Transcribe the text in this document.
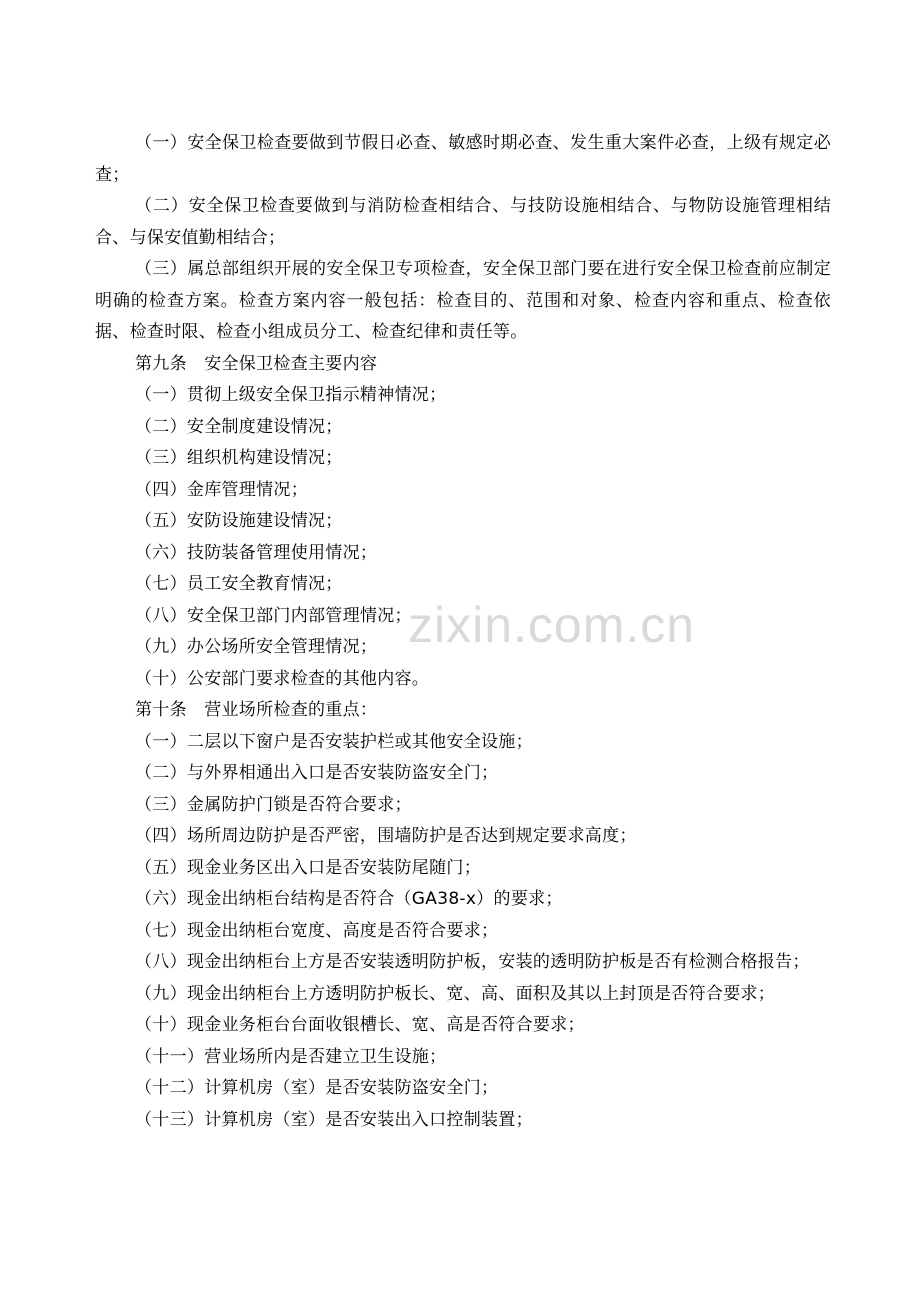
（一）安全保卫检查要做到节假日必查、敏感时期必查、发生重大案件必查，上级有规定必查；

（二）安全保卫检查要做到与消防检查相结合、与技防设施相结合、与物防设施管理相结合、与保安值勤相结合；

（三）属总部组织开展的安全保卫专项检查，安全保卫部门要在进行安全保卫检查前应制定明确的检查方案。检查方案内容一般包括：检查目的、范围和对象、检查内容和重点、检查依据、检查时限、检查小组成员分工、检查纪律和责任等。

第九条　安全保卫检查主要内容

（一）贯彻上级安全保卫指示精神情况；

（二）安全制度建设情况；

（三）组织机构建设情况；

（四）金库管理情况；

（五）安防设施建设情况；

（六）技防装备管理使用情况；

（七）员工安全教育情况；

（八）安全保卫部门内部管理情况；

（九）办公场所安全管理情况；

（十）公安部门要求检查的其他内容。

第十条　营业场所检查的重点：

（一）二层以下窗户是否安装护栏或其他安全设施；

（二）与外界相通出入口是否安装防盗安全门；

（三）金属防护门锁是否符合要求；

（四）场所周边防护是否严密，围墙防护是否达到规定要求高度；

（五）现金业务区出入口是否安装防尾随门；

（六）现金出纳柜台结构是否符合（GA38-x）的要求；

（七）现金出纳柜台宽度、高度是否符合要求；

（八）现金出纳柜台上方是否安装透明防护板，安装的透明防护板是否有检测合格报告；

（九）现金出纳柜台上方透明防护板长、宽、高、面积及其以上封顶是否符合要求；

（十）现金业务柜台台面收银槽长、宽、高是否符合要求；

（十一）营业场所内是否建立卫生设施；

（十二）计算机房（室）是否安装防盗安全门；

（十三）计算机房（室）是否安装出入口控制装置；

zixin.com.cn
